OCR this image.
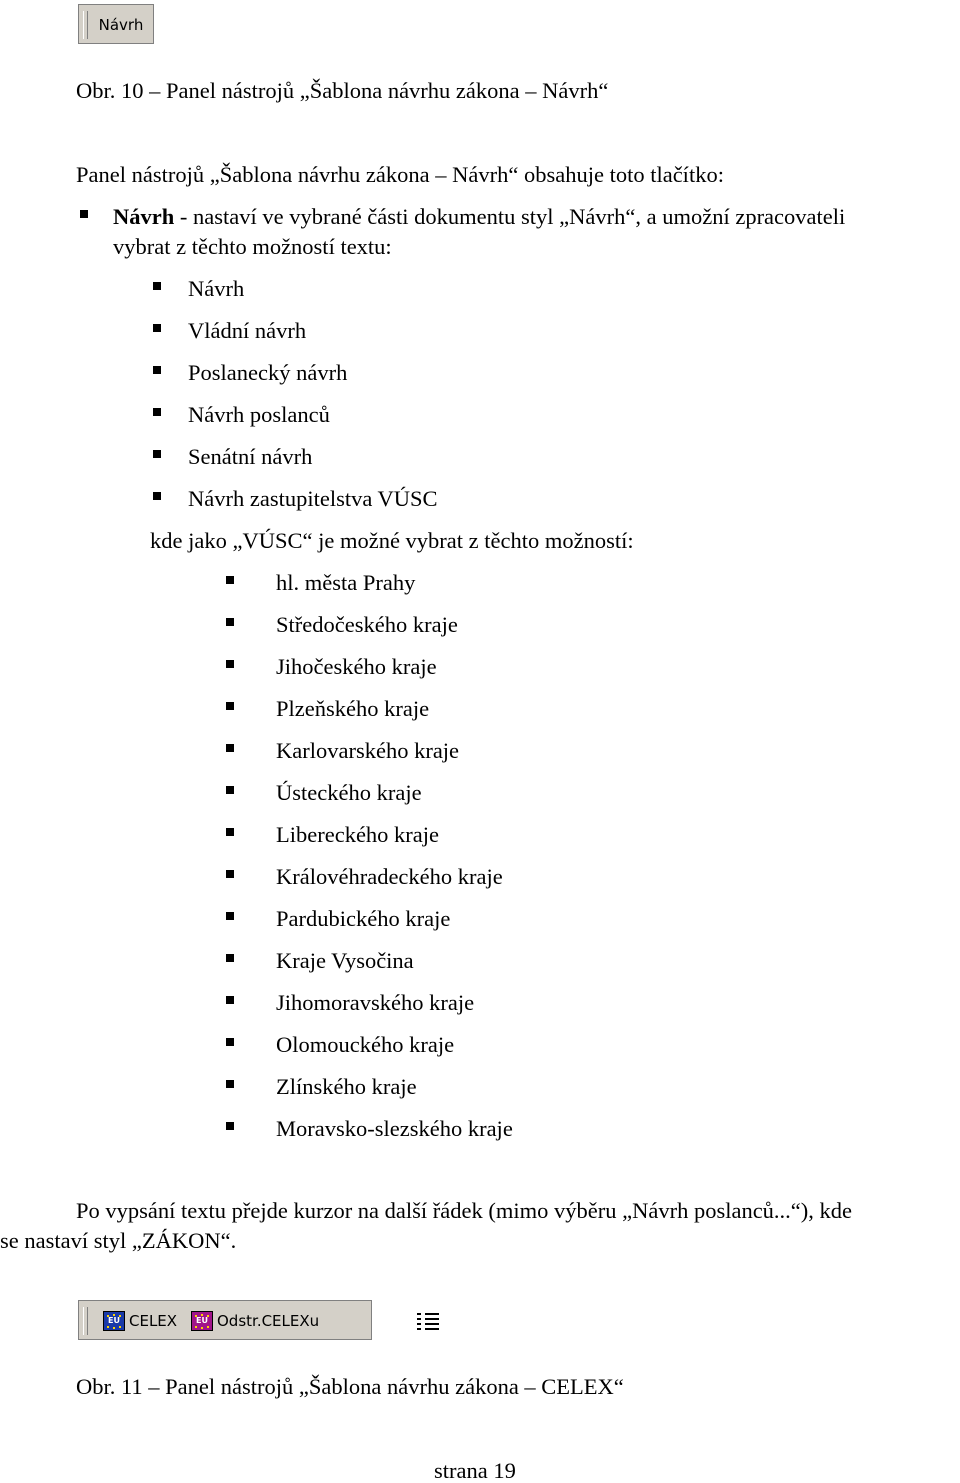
Návrh
Obr. 10 – Panel nástrojů „Šablona návrhu zákona – Návrh“
Panel nástrojů „Šablona návrhu zákona – Návrh“ obsahuje toto tlačítko:
Návrh - nastaví ve vybrané části dokumentu styl „Návrh“, a umožní zpracovateli
vybrat z těchto možností textu:
Návrh
Vládní návrh
Poslanecký návrh
Návrh poslanců
Senátní návrh
Návrh zastupitelstva VÚSC
kde jako „VÚSC“ je možné vybrat z těchto možností:
hl. města Prahy
Středočeského kraje
Jihočeského kraje
Plzeňského kraje
Karlovarského kraje
Ústeckého kraje
Libereckého kraje
Královéhradeckého kraje
Pardubického kraje
Kraje Vysočina
Jihomoravského kraje
Olomouckého kraje
Zlínského kraje
Moravsko-slezského kraje
Po vypsání textu přejde kurzor na další řádek (mimo výběru „Návrh poslanců...“), kde
se nastaví styl „ZÁKON“.
EU CELEX	EU Odstr.CELEXu
Obr. 11 – Panel nástrojů „Šablona návrhu zákona – CELEX“
strana 19
